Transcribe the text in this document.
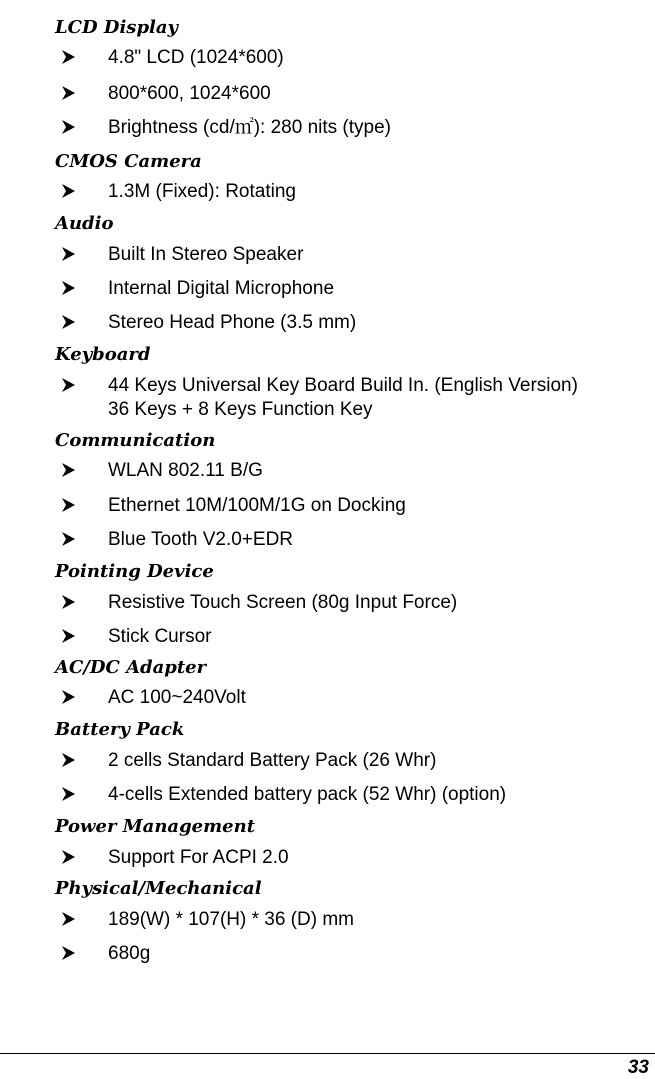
LCD Display
4.8" LCD (1024*600)
800*600, 1024*600
Brightness (cd/㎡): 280 nits (type)
CMOS Camera
1.3M (Fixed): Rotating
Audio
Built In Stereo Speaker
Internal Digital Microphone
Stereo Head Phone (3.5 mm)
Keyboard
44 Keys Universal Key Board Build In. (English Version)
36 Keys + 8 Keys Function Key
Communication
WLAN 802.11 B/G
Ethernet 10M/100M/1G on Docking
Blue Tooth V2.0+EDR
Pointing Device
Resistive Touch Screen (80g Input Force)
Stick Cursor
AC/DC Adapter
AC 100~240Volt
Battery Pack
2 cells Standard Battery Pack (26 Whr)
4-cells Extended battery pack (52 Whr) (option)
Power Management
Support For ACPI 2.0
Physical/Mechanical
189(W) * 107(H) * 36 (D) mm
680g
33
